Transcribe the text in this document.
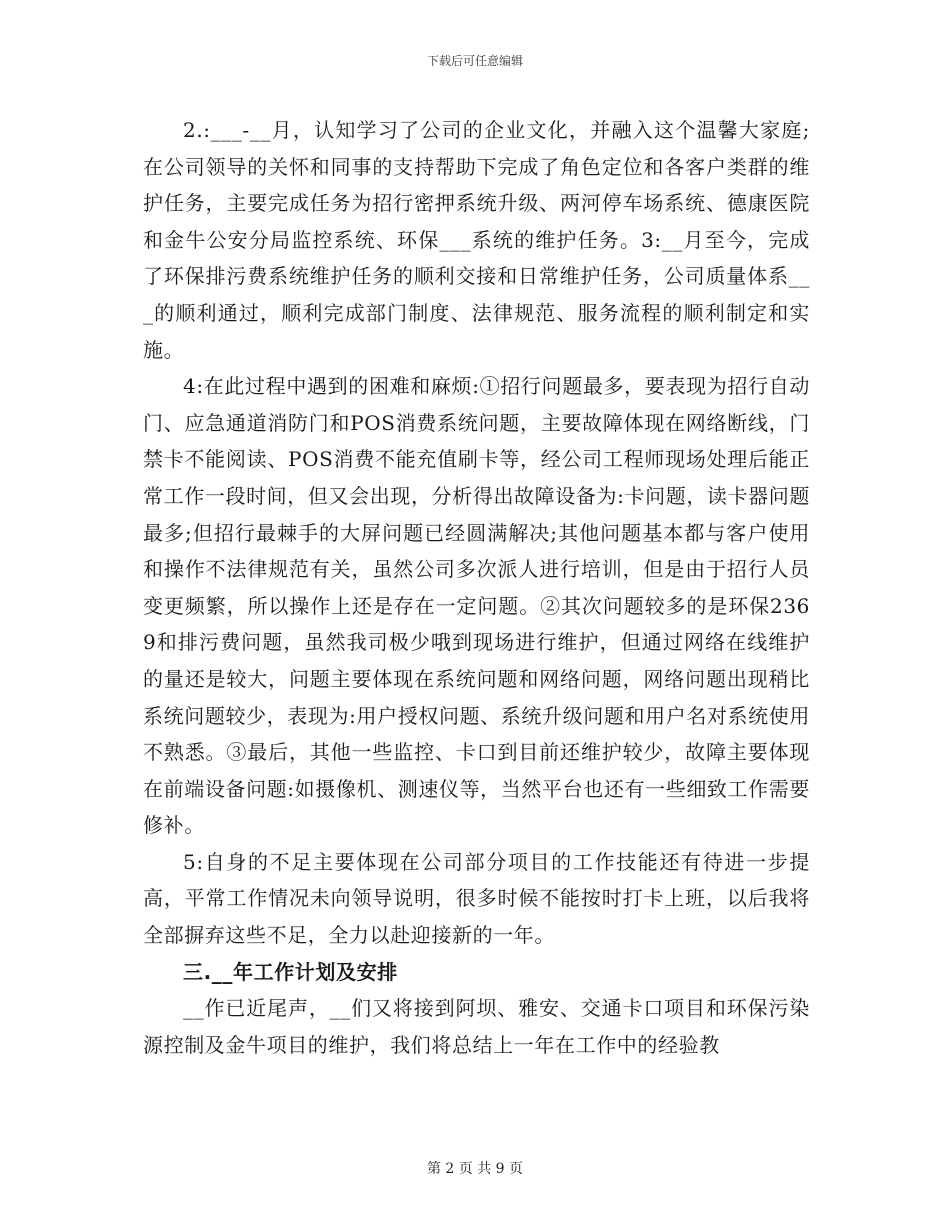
下载后可任意编辑

2.:___-__月，认知学习了公司的企业文化，并融入这个温馨大家庭;在公司领导的关怀和同事的支持帮助下完成了角色定位和各客户类群的维护任务，主要完成任务为招行密押系统升级、两河停车场系统、德康医院和金牛公安分局监控系统、环保___系统的维护任务。3:__月至今，完成了环保排污费系统维护任务的顺利交接和日常维护任务，公司质量体系___的顺利通过，顺利完成部门制度、法律规范、服务流程的顺利制定和实施。

4:在此过程中遇到的困难和麻烦:①招行问题最多，要表现为招行自动门、应急通道消防门和POS消费系统问题，主要故障体现在网络断线，门禁卡不能阅读、POS消费不能充值刷卡等，经公司工程师现场处理后能正常工作一段时间，但又会出现，分析得出故障设备为:卡问题，读卡器问题最多;但招行最棘手的大屏问题已经圆满解决;其他问题基本都与客户使用和操作不法律规范有关，虽然公司多次派人进行培训，但是由于招行人员变更频繁，所以操作上还是存在一定问题。②其次问题较多的是环保2369和排污费问题，虽然我司极少哦到现场进行维护，但通过网络在线维护的量还是较大，问题主要体现在系统问题和网络问题，网络问题出现稍比系统问题较少，表现为:用户授权问题、系统升级问题和用户名对系统使用不熟悉。③最后，其他一些监控、卡口到目前还维护较少，故障主要体现在前端设备问题:如摄像机、测速仪等，当然平台也还有一些细致工作需要修补。

5:自身的不足主要体现在公司部分项目的工作技能还有待进一步提高，平常工作情况未向领导说明，很多时候不能按时打卡上班，以后我将全部摒弃这些不足，全力以赴迎接新的一年。

三.__年工作计划及安排

__作已近尾声，__们又将接到阿坝、雅安、交通卡口项目和环保污染源控制及金牛项目的维护，我们将总结上一年在工作中的经验教

第 2 页 共 9 页
